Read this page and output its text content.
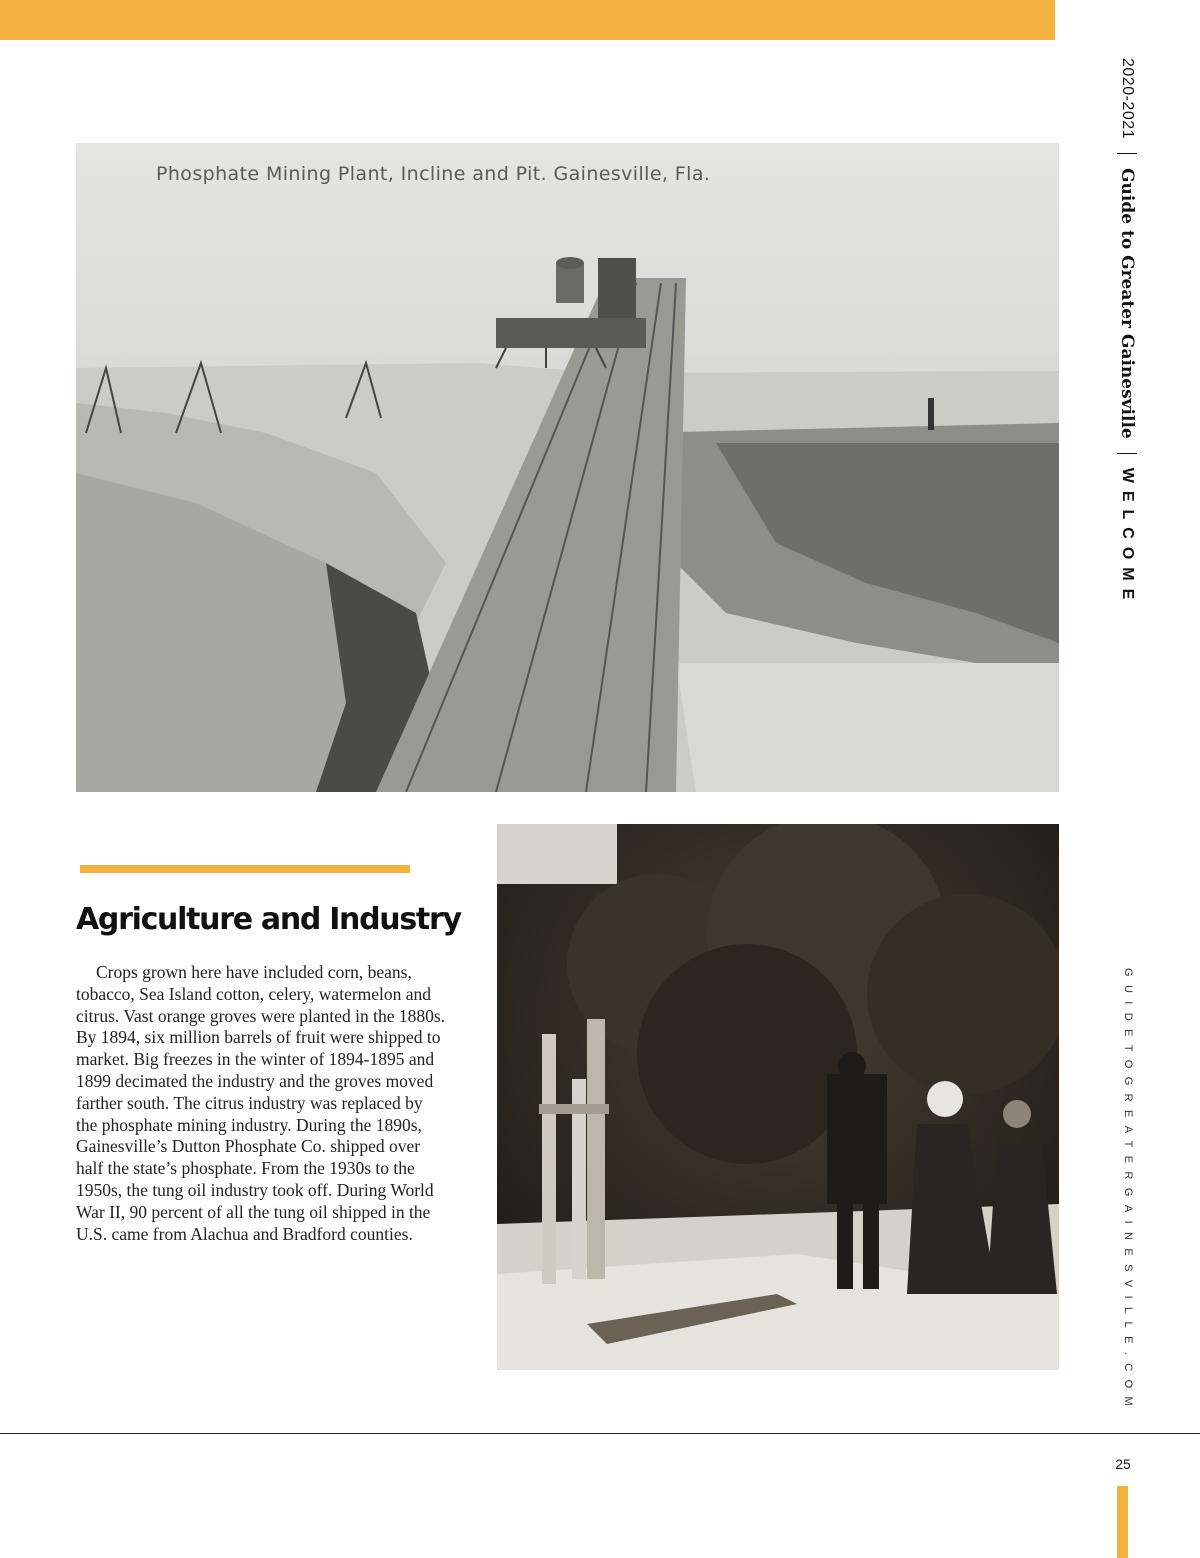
2020-2021
Guide to Greater Gainesville
WELCOME
GUIDETOGREATERGAINESVILLE.COM
Phosphate Mining Plant, Incline and Pit. Gainesville, Fla.
Agriculture and Industry

Crops grown here have included corn, beans, tobacco, Sea Island cotton, celery, watermelon and citrus. Vast orange groves were planted in the 1880s. By 1894, six million barrels of fruit were shipped to market. Big freezes in the winter of 1894-1895 and 1899 decimated the industry and the groves moved farther south. The citrus industry was replaced by the phosphate mining industry. During the 1890s, Gainesville’s Dutton Phosphate Co. shipped over half the state’s phosphate. From the 1930s to the 1950s, the tung oil industry took off. During World War II, 90 percent of all the tung oil shipped in the U.S. came from Alachua and Bradford counties.

25
